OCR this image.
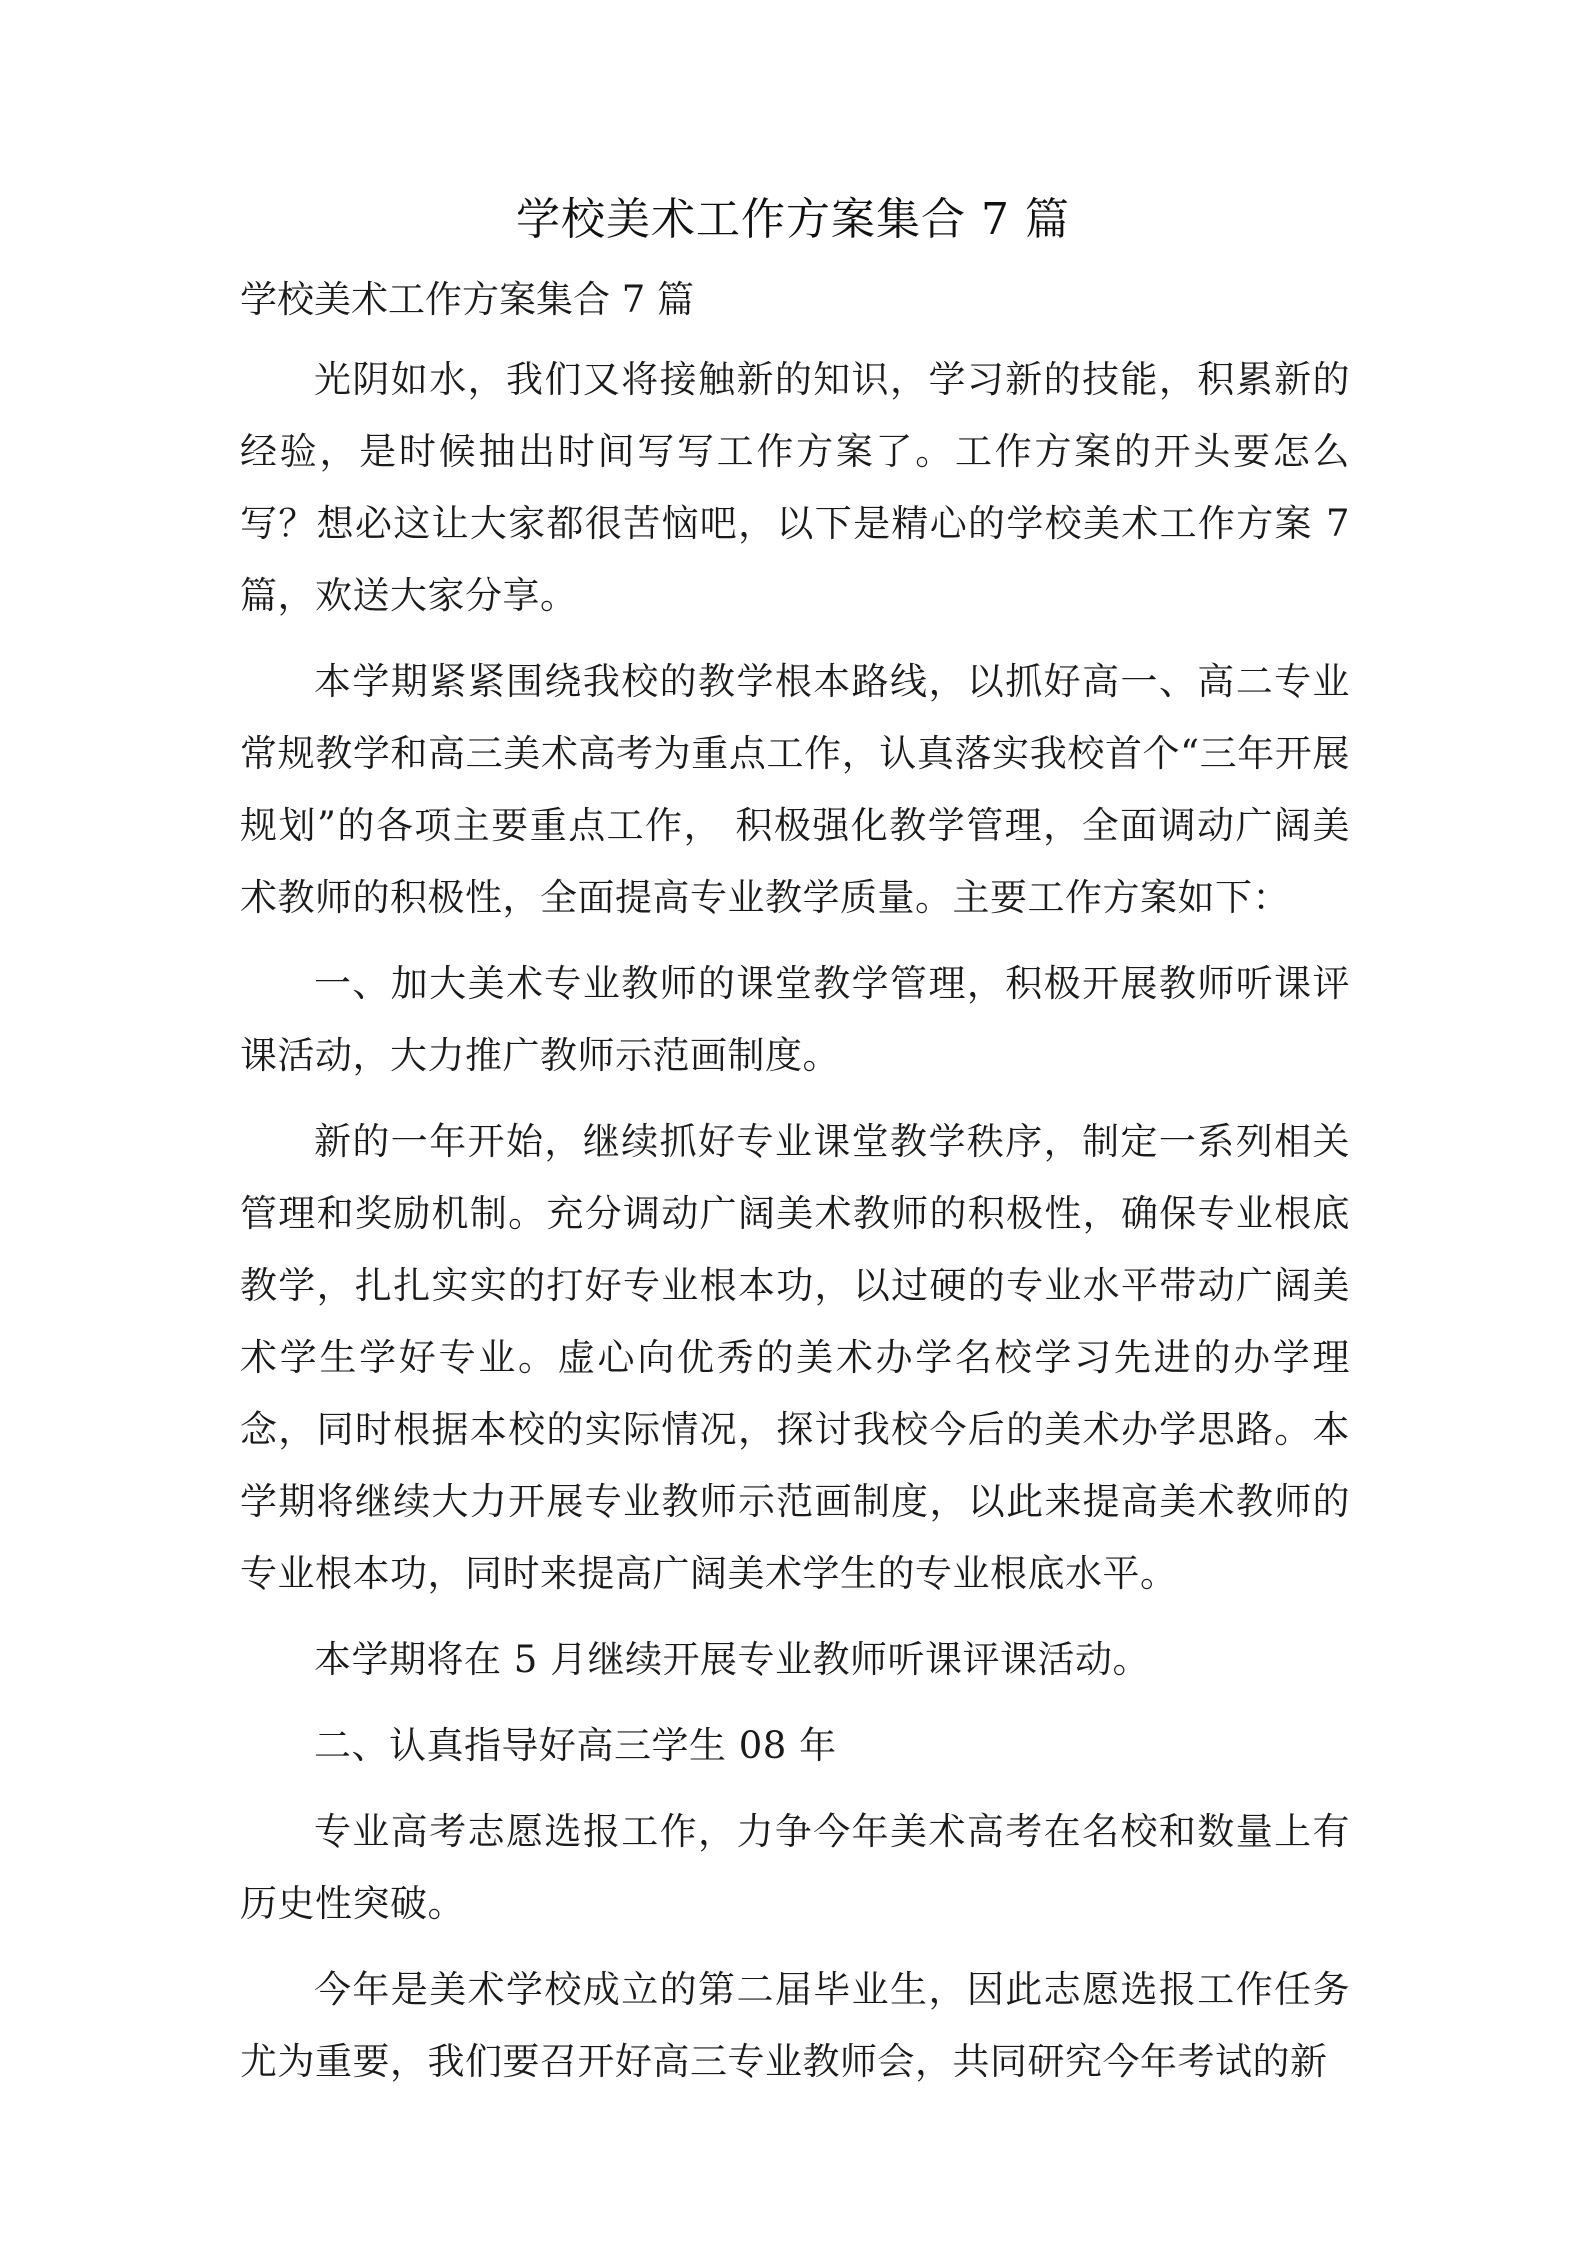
学校美术工作方案集合 7 篇

学校美术工作方案集合 7 篇

光阴如水，我们又将接触新的知识，学习新的技能，积累新的经验，是时候抽出时间写写工作方案了。工作方案的开头要怎么写？想必这让大家都很苦恼吧，以下是精心的学校美术工作方案 7 篇，欢送大家分享。

本学期紧紧围绕我校的教学根本路线，以抓好高一、高二专业常规教学和高三美术高考为重点工作，认真落实我校首个“三年开展规划”的各项主要重点工作， 积极强化教学管理，全面调动广阔美术教师的积极性，全面提高专业教学质量。主要工作方案如下：

一、加大美术专业教师的课堂教学管理，积极开展教师听课评课活动，大力推广教师示范画制度。

新的一年开始，继续抓好专业课堂教学秩序，制定一系列相关管理和奖励机制。充分调动广阔美术教师的积极性，确保专业根底教学，扎扎实实的打好专业根本功，以过硬的专业水平带动广阔美术学生学好专业。虚心向优秀的美术办学名校学习先进的办学理念，同时根据本校的实际情况，探讨我校今后的美术办学思路。本学期将继续大力开展专业教师示范画制度，以此来提高美术教师的专业根本功，同时来提高广阔美术学生的专业根底水平。

本学期将在 5 月继续开展专业教师听课评课活动。

二、认真指导好高三学生 08 年

专业高考志愿选报工作，力争今年美术高考在名校和数量上有历史性突破。

今年是美术学校成立的第二届毕业生，因此志愿选报工作任务尤为重要，我们要召开好高三专业教师会，共同研究今年考试的新
